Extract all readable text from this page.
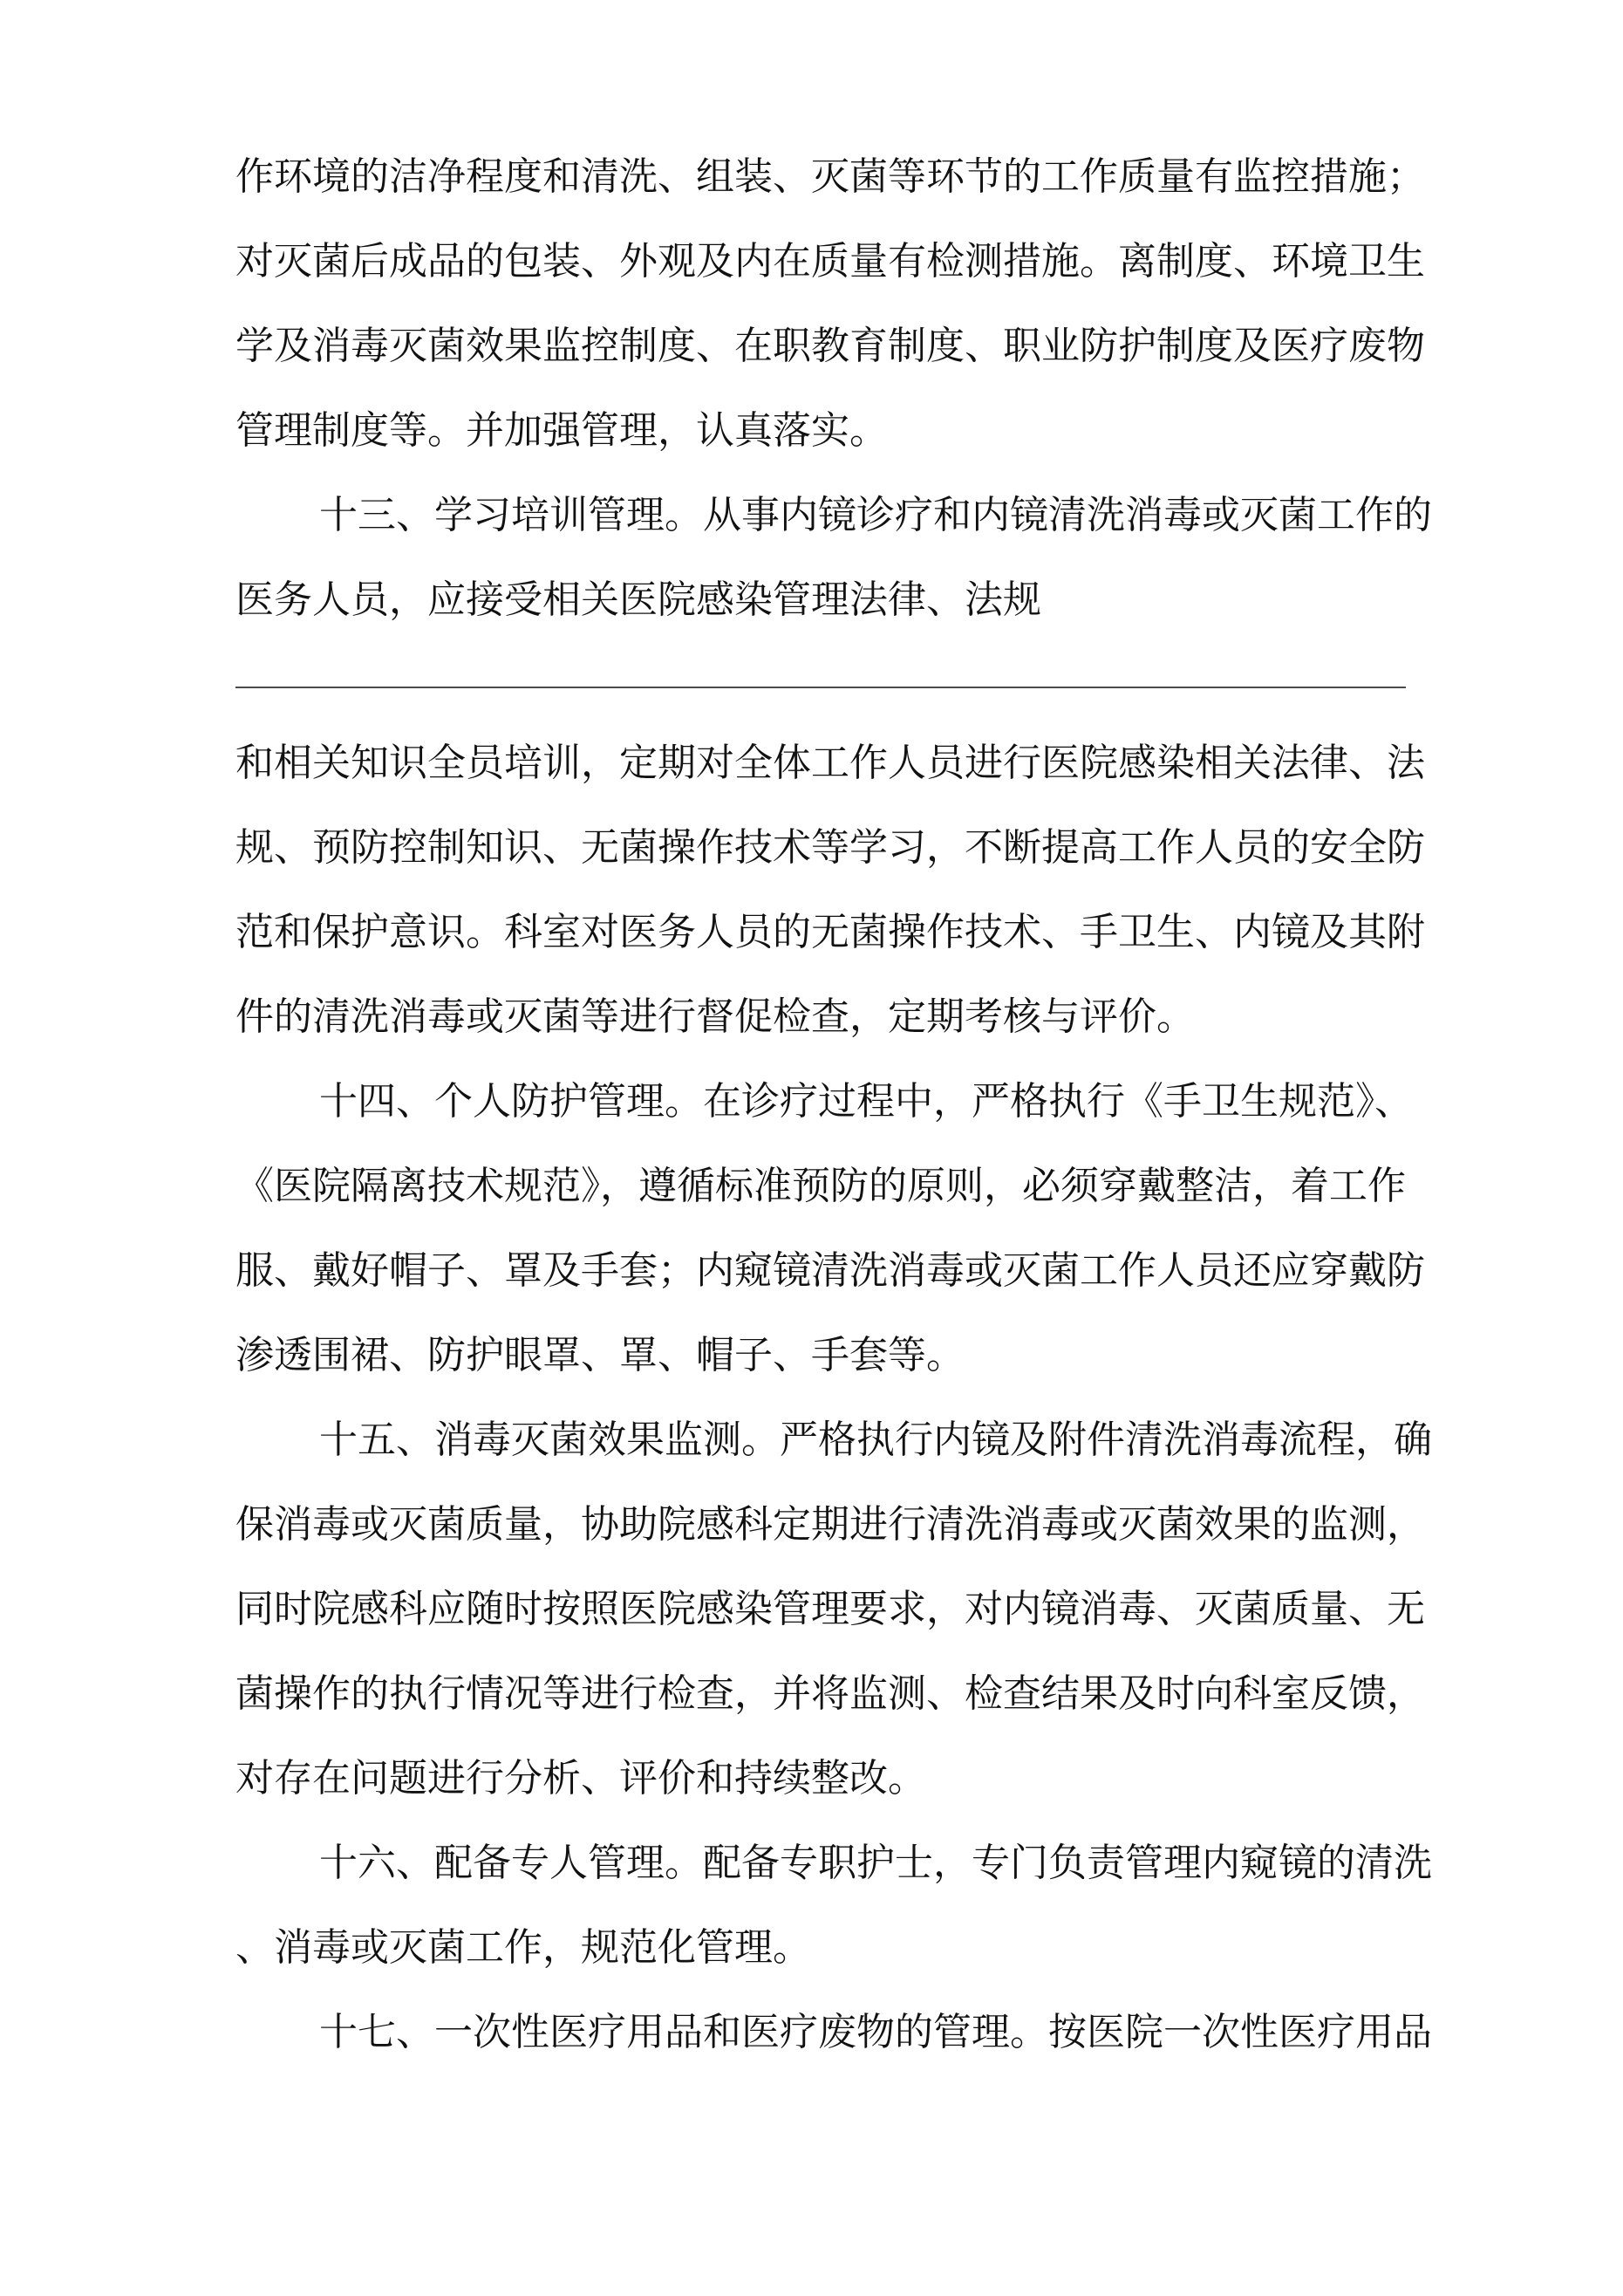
作环境的洁净程度和清洗、组装、灭菌等环节的工作质量有监控措施；
对灭菌后成品的包装、外观及内在质量有检测措施。离制度、环境卫生
学及消毒灭菌效果监控制度、在职教育制度、职业防护制度及医疗废物
管理制度等。并加强管理，认真落实。
十三、学习培训管理。从事内镜诊疗和内镜清洗消毒或灭菌工作的
医务人员，应接受相关医院感染管理法律、法规
和相关知识全员培训，定期对全体工作人员进行医院感染相关法律、法
规、预防控制知识、无菌操作技术等学习，不断提高工作人员的安全防
范和保护意识。科室对医务人员的无菌操作技术、手卫生、内镜及其附
件的清洗消毒或灭菌等进行督促检查，定期考核与评价。
十四、个人防护管理。在诊疗过程中，严格执行《手卫生规范》、
《医院隔离技术规范》，遵循标准预防的原则，必须穿戴整洁，着工作
服、戴好帽子、罩及手套；内窥镜清洗消毒或灭菌工作人员还应穿戴防
渗透围裙、防护眼罩、罩、帽子、手套等。
十五、消毒灭菌效果监测。严格执行内镜及附件清洗消毒流程，确
保消毒或灭菌质量，协助院感科定期进行清洗消毒或灭菌效果的监测，
同时院感科应随时按照医院感染管理要求，对内镜消毒、灭菌质量、无
菌操作的执行情况等进行检查，并将监测、检查结果及时向科室反馈，
对存在问题进行分析、评价和持续整改。
十六、配备专人管理。配备专职护士，专门负责管理内窥镜的清洗
、消毒或灭菌工作，规范化管理。
十七、一次性医疗用品和医疗废物的管理。按医院一次性医疗用品
